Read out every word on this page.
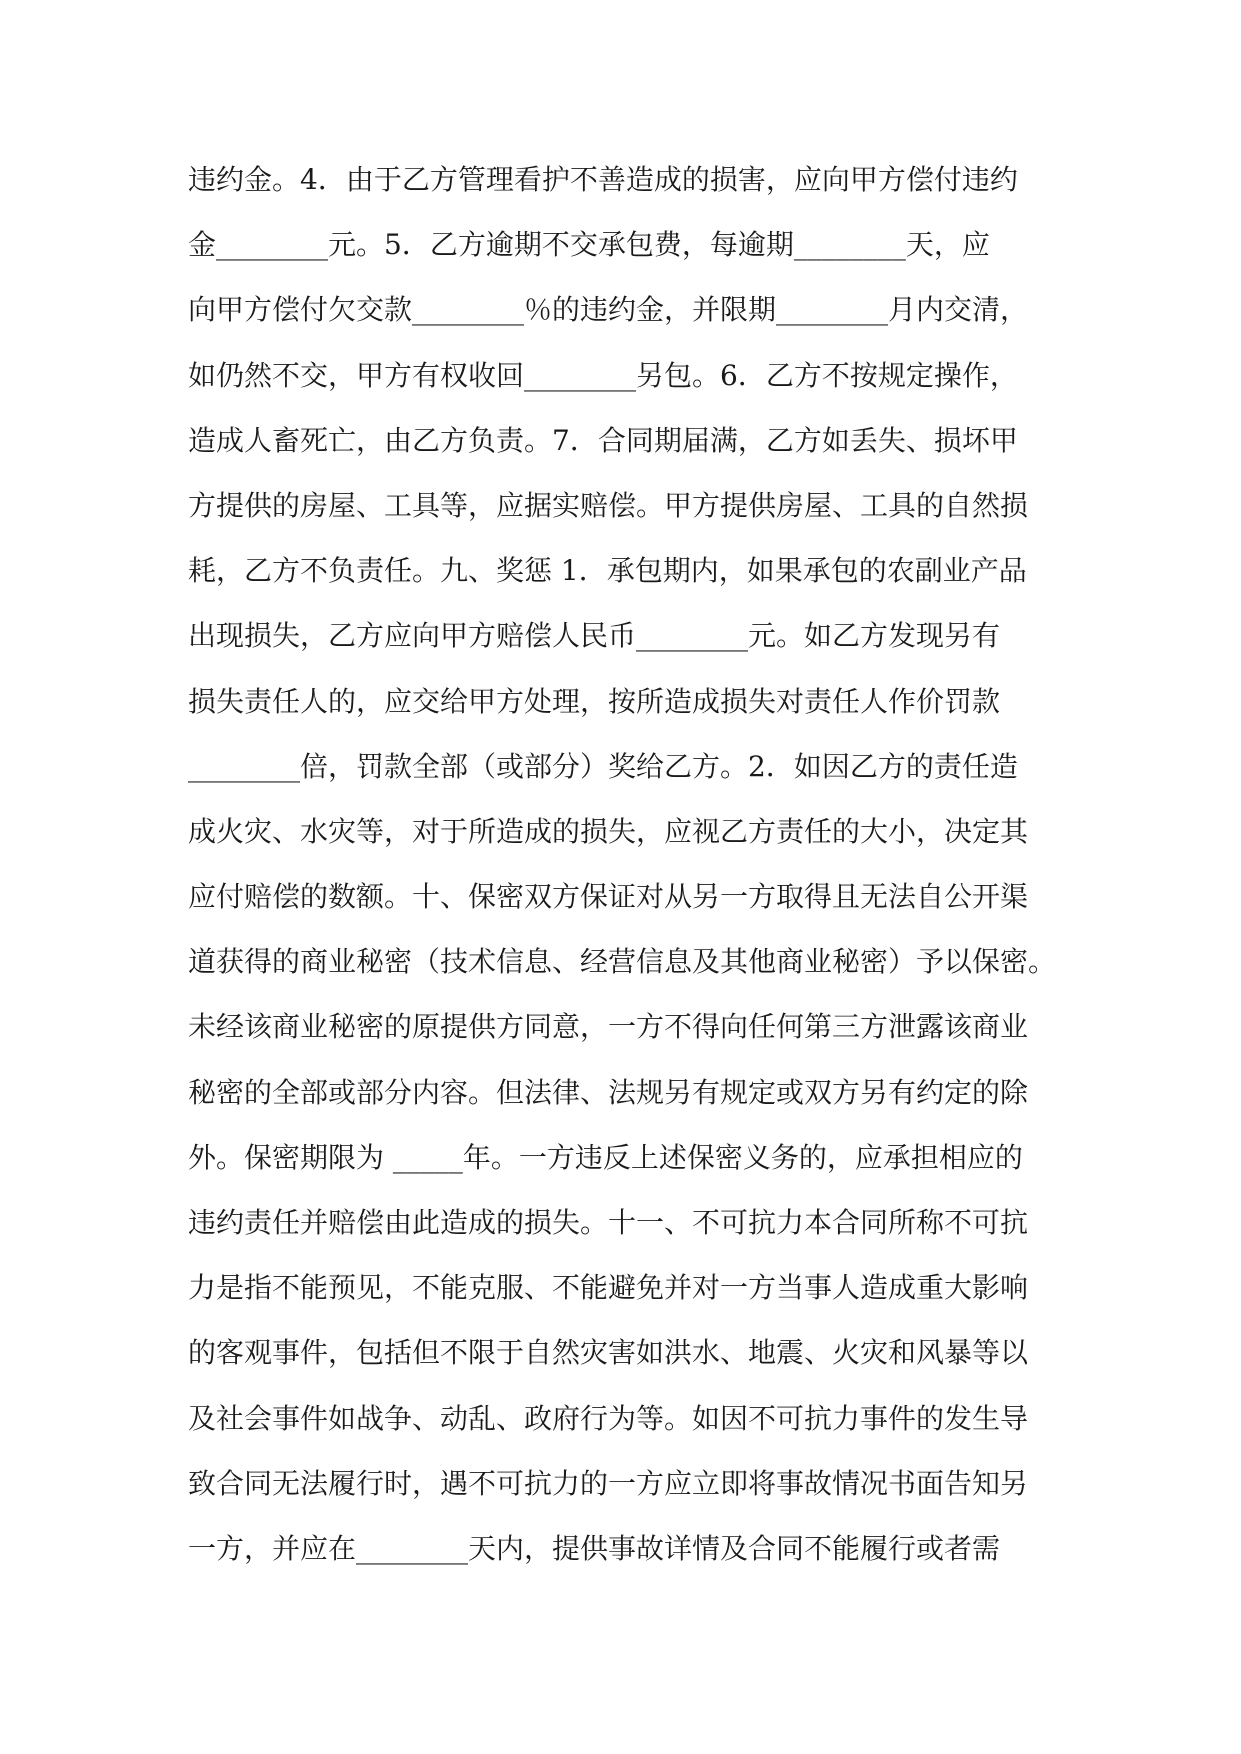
违约金。4．由于乙方管理看护不善造成的损害，应向甲方偿付违约
金________元。5．乙方逾期不交承包费，每逾期________天，应
向甲方偿付欠交款________％的违约金，并限期________月内交清，
如仍然不交，甲方有权收回________另包。6．乙方不按规定操作，
造成人畜死亡，由乙方负责。7．合同期届满，乙方如丢失、损坏甲
方提供的房屋、工具等，应据实赔偿。甲方提供房屋、工具的自然损
耗，乙方不负责任。九、奖惩 1．承包期内，如果承包的农副业产品
出现损失，乙方应向甲方赔偿人民币________元。如乙方发现另有
损失责任人的，应交给甲方处理，按所造成损失对责任人作价罚款
________倍，罚款全部（或部分）奖给乙方。2．如因乙方的责任造
成火灾、水灾等，对于所造成的损失，应视乙方责任的大小，决定其
应付赔偿的数额。十、保密双方保证对从另一方取得且无法自公开渠
道获得的商业秘密（技术信息、经营信息及其他商业秘密）予以保密。
未经该商业秘密的原提供方同意，一方不得向任何第三方泄露该商业
秘密的全部或部分内容。但法律、法规另有规定或双方另有约定的除
外。保密期限为 _____年。一方违反上述保密义务的，应承担相应的
违约责任并赔偿由此造成的损失。十一、不可抗力本合同所称不可抗
力是指不能预见，不能克服、不能避免并对一方当事人造成重大影响
的客观事件，包括但不限于自然灾害如洪水、地震、火灾和风暴等以
及社会事件如战争、动乱、政府行为等。如因不可抗力事件的发生导
致合同无法履行时，遇不可抗力的一方应立即将事故情况书面告知另
一方，并应在________天内，提供事故详情及合同不能履行或者需
